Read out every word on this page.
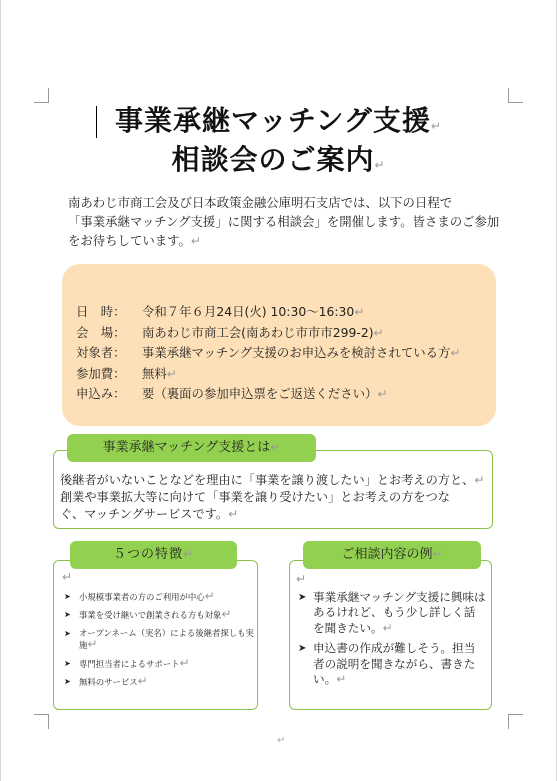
事業承継マッチング支援↵
相談会のご案内↵
南あわじ市商工会及び日本政策金融公庫明石支店では、以下の日程で
「事業承継マッチング支援」に関する相談会」を開催します。皆さまのご参加
をお待ちしています。↵
日　時： 令和７年６月24日(火) 10:30～16:30↵
会　場： 南あわじ市商工会(南あわじ市市市299-2)↵
対象者： 事業承継マッチング支援のお申込みを検討されている方↵
参加費： 無料↵
申込み： 要（裏面の参加申込票をご返送ください）↵
事業承継マッチング支援とは↵
後継者がいないことなどを理由に「事業を譲り渡したい」とお考えの方と、↵
創業や事業拡大等に向けて「事業を譲り受けたい」とお考えの方をつな
ぐ、マッチングサービスです。↵
５つの特徴↵
↵
➤ 小規模事業者の方のご利用が中心↵
➤ 事業を受け継いで創業される方も対象↵
➤ オープンネーム（実名）による後継者探しも実施↵
➤ 専門担当者によるサポート↵
➤ 無料のサービス↵
ご相談内容の例↵
↵
➤ 事業承継マッチング支援に興味はあるけれど、もう少し詳しく話を聞きたい。↵
➤ 申込書の作成が難しそう。担当者の説明を聞きながら、書きたい。↵
↵
